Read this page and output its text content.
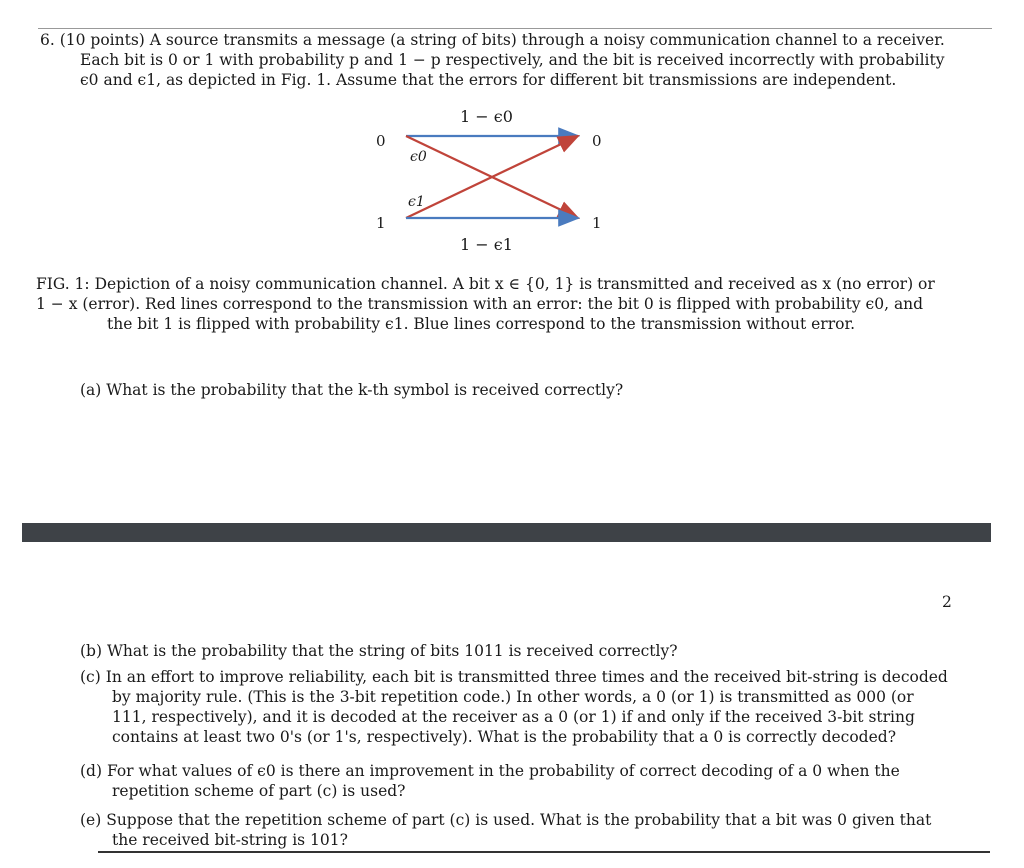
6. (10 points) A source transmits a message (a string of bits) through a noisy communication channel to a receiver.

Each bit is 0 or 1 with probability p and 1 − p respectively, and the bit is received incorrectly with probability

ϵ0 and ϵ1, as depicted in Fig. 1. Assume that the errors for different bit transmissions are independent.

1 − ϵ0
0	0
ϵ0
ϵ1
1	1
1 − ϵ1

FIG. 1: Depiction of a noisy communication channel. A bit x ∈ {0, 1} is transmitted and received as x (no error) or

1 − x (error). Red lines correspond to the transmission with an error: the bit 0 is flipped with probability ϵ0, and

the bit 1 is flipped with probability ϵ1. Blue lines correspond to the transmission without error.

(a) What is the probability that the k-th symbol is received correctly?

2

(b) What is the probability that the string of bits 1011 is received correctly?

(c) In an effort to improve reliability, each bit is transmitted three times and the received bit-string is decoded

by majority rule. (This is the 3-bit repetition code.) In other words, a 0 (or 1) is transmitted as 000 (or

111, respectively), and it is decoded at the receiver as a 0 (or 1) if and only if the received 3-bit string

contains at least two 0's (or 1's, respectively). What is the probability that a 0 is correctly decoded?

(d) For what values of ϵ0 is there an improvement in the probability of correct decoding of a 0 when the

repetition scheme of part (c) is used?

(e) Suppose that the repetition scheme of part (c) is used. What is the probability that a bit was 0 given that

the received bit-string is 101?
